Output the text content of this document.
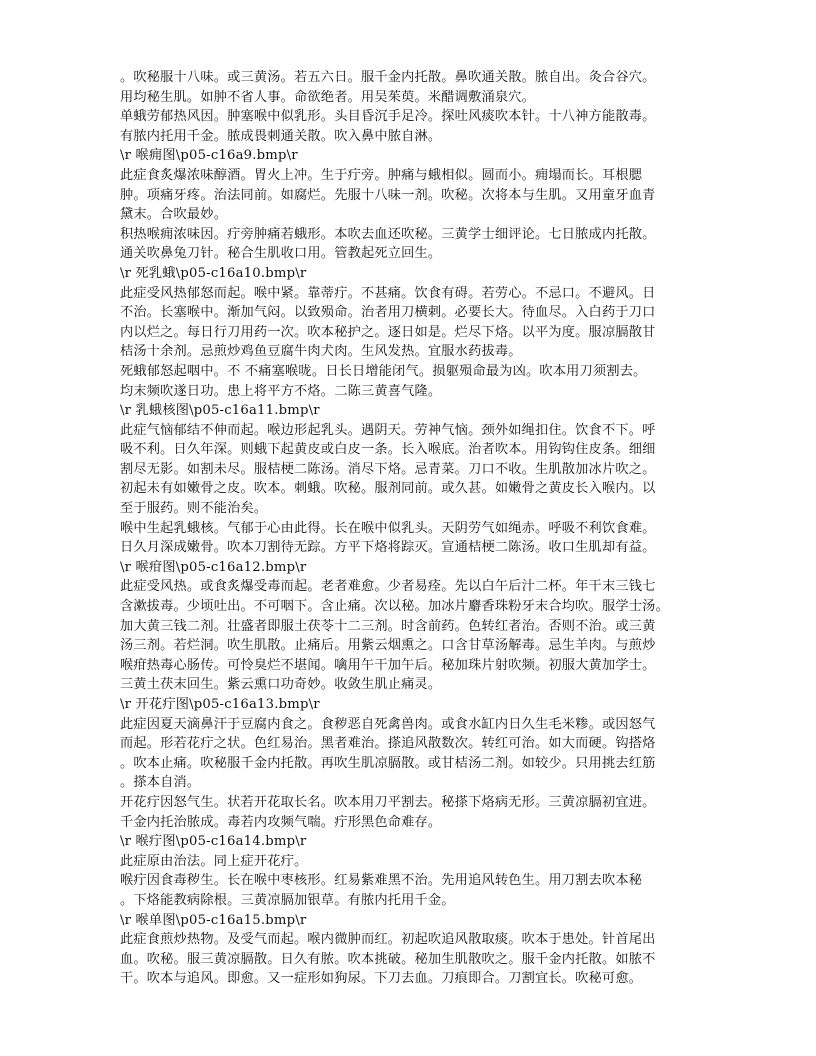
。吹秘服十八味。或三黄汤。若五六日。服千金内托散。鼻吹通关散。脓自出。灸合谷穴。
用均秘生肌。如肿不省人事。命欲绝者。用吴茱萸。米醋调敷涌泉穴。
单蛾劳郁热风因。肿塞喉中似乳形。头目昏沉手足冷。探吐风痰吹本针。十八神方能散毒。
有脓内托用千金。脓成畏刺通关散。吹入鼻中脓自淋。
\r 喉痈图\p05-c16a9.bmp\r
此症食炙爆浓味醇酒。胃火上冲。生于疔旁。肿痛与蛾相似。圆而小。痈塌而长。耳根腮
肿。项痛牙疼。治法同前。如腐烂。先服十八味一剂。吹秘。次将本与生肌。又用童牙血青
黛末。合吹最妙。
积热喉痈浓味因。疔旁肿痛若蛾形。本吹去血还吹秘。三黄学士细评论。七日脓成内托散。
通关吹鼻兔刀针。秘合生肌收口用。管教起死立回生。
\r 死乳蛾\p05-c16a10.bmp\r
此症受风热郁怒而起。喉中紧。靠蒂疔。不甚痛。饮食有碍。若劳心。不忌口。不避风。日
不治。长塞喉中。渐加气闷。以致殒命。治者用刀横剌。必要长大。待血尽。入白药于刀口
内以烂之。每日行刀用药一次。吹本秘护之。逐日如是。烂尽下烙。以平为度。服凉膈散甘
桔汤十余剂。忌煎炒鸡鱼豆腐牛肉犬肉。生风发热。宜服水药拔毒。
死蛾郁怒起咽中。不 不痛塞喉咙。日长日增能闭气。损躯殒命最为凶。吹本用刀须割去。
均末频吹遂日功。患上将平方不烙。二陈三黄喜气隆。
\r 乳蛾核图\p05-c16a11.bmp\r
此症气恼郁结不伸而起。喉边形起乳头。遇阴天。劳神气恼。颈外如绳扣住。饮食不下。呼
吸不利。日久年深。则蛾下起黄皮或白皮一条。长入喉底。治者吹本。用钩钩住皮条。细细
割尽无影。如割未尽。服桔梗二陈汤。消尽下烙。忌青菜。刀口不收。生肌散加冰片吹之。
初起未有如嫩骨之皮。吹本。刺蛾。吹秘。服剂同前。或久甚。如嫩骨之黄皮长入喉内。以
至于服药。则不能治矣。
喉中生起乳蛾核。气郁于心由此得。长在喉中似乳头。天阴劳气如绳赤。呼吸不利饮食难。
日久月深成嫩骨。吹本刀割待无踪。方平下烙将踪灭。宣通桔梗二陈汤。收口生肌却有益。
\r 喉疳图\p05-c16a12.bmp\r
此症受风热。或食炙爆受毒而起。老者难愈。少者易痊。先以白午后汁二杯。年干末三钱七
含漱拔毒。少顷吐出。不可咽下。含止痛。次以秘。加冰片麝香珠粉牙末合均吹。服学士汤。
加大黄三钱二剂。壮盛者即服土茯苓十二三剂。时含前药。色转红者治。否则不治。或三黄
汤三剂。若烂洞。吹生肌散。止痛后。用紫云烟熏之。口含甘草汤解毒。忌生羊肉。与煎炒
喉疳热毒心肠传。可怜臭烂不堪闻。噙用午干加午后。秘加珠片射吹频。初服大黄加学士。
三黄土茯末回生。紫云熏口功奇妙。收敛生肌止痛灵。
\r 开花疔图\p05-c16a13.bmp\r
此症因夏天滴鼻汗于豆腐内食之。食秽恶自死禽兽肉。或食水缸内日久生毛米糁。或因怒气
而起。形若花疔之状。色红易治。黑者难治。搽追风散数次。转红可治。如大而硬。钩搭烙
。吹本止痛。吹秘服千金内托散。再吹生肌凉膈散。或甘桔汤二剂。如较少。只用挑去红筋
。搽本自消。
开花疔因怒气生。状若开花取长名。吹本用刀平割去。秘搽下烙病无形。三黄凉膈初宜进。
千金内托治脓成。毒若内攻频气喘。疔形黑色命难存。
\r 喉疔图\p05-c16a14.bmp\r
此症原由治法。同上症开花疔。
喉疔因食毒秽生。长在喉中枣核形。红易紫难黑不治。先用追风转色生。用刀割去吹本秘
。下烙能教病除根。三黄凉膈加银草。有脓内托用千金。
\r 喉单图\p05-c16a15.bmp\r
此症食煎炒热物。及受气而起。喉内微肿而红。初起吹追风散取痰。吹本于患处。针首尾出
血。吹秘。服三黄凉膈散。日久有脓。吹本挑破。秘加生肌散吹之。服千金内托散。如脓不
干。吹本与追风。即愈。又一症形如狗尿。下刀去血。刀痕即合。刀割宜长。吹秘可愈。
